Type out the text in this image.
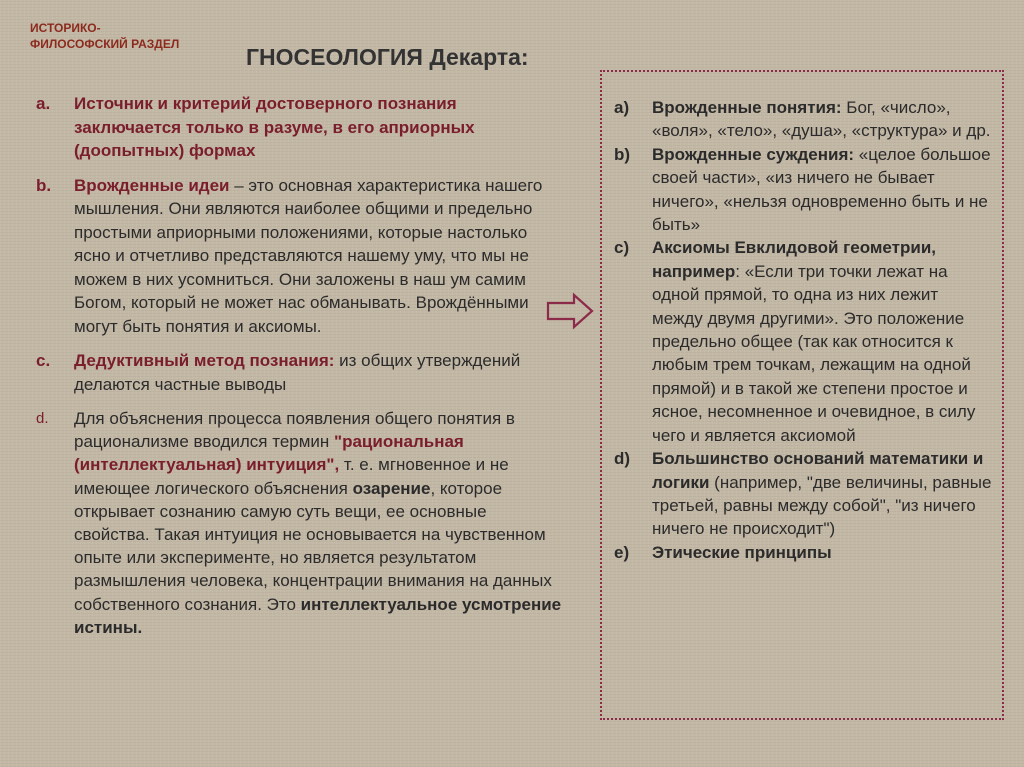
ИСТОРИКО-
ФИЛОСОФСКИЙ РАЗДЕЛ	ГНОСЕОЛОГИЯ Декарта:
a.	Источник и критерий достоверного познания заключается только в разуме, в его априорных (доопытных) формах
b.	Врожденные идеи – это основная характеристика нашего мышления. Они являются наиболее общими и предельно простыми априорными положениями, которые настолько ясно и отчетливо представляются нашему уму, что мы не можем в них усомниться. Они заложены в наш ум самим Богом, который не может нас обманывать. Врождёнными могут быть понятия и аксиомы.
c.	Дедуктивный метод познания: из общих утверждений делаются частные выводы
d.	Для объяснения процесса появления общего понятия в рационализме вводился термин "рациональная (интеллектуальная) интуиция", т. е. мгновенное и не имеющее логического объяснения озарение, которое открывает сознанию самую суть вещи, ее основные свойства. Такая интуиция не основывается на чувственном опыте или эксперименте, но является результатом размышления человека, концентрации внимания на данных собственного сознания. Это интеллектуальное усмотрение истины.
a)	Врожденные понятия: Бог, «число», «воля», «тело», «душа», «структура» и др.
b)	Врожденные суждения: «целое большое своей части», «из ничего не бывает ничего», «нельзя одновременно быть и не быть»
c)	Аксиомы Евклидовой геометрии, например: «Если три точки лежат на одной прямой, то одна из них лежит между двумя другими». Это положение предельно общее (так как относится к любым трем точкам, лежащим на одной прямой) и в такой же степени простое и ясное, несомненное и очевидное, в силу чего и является аксиомой
d)	Большинство оснований математики и логики (например, "две величины, равные третьей, равны между собой", "из ничего ничего не происходит")
e)	Этические принципы
